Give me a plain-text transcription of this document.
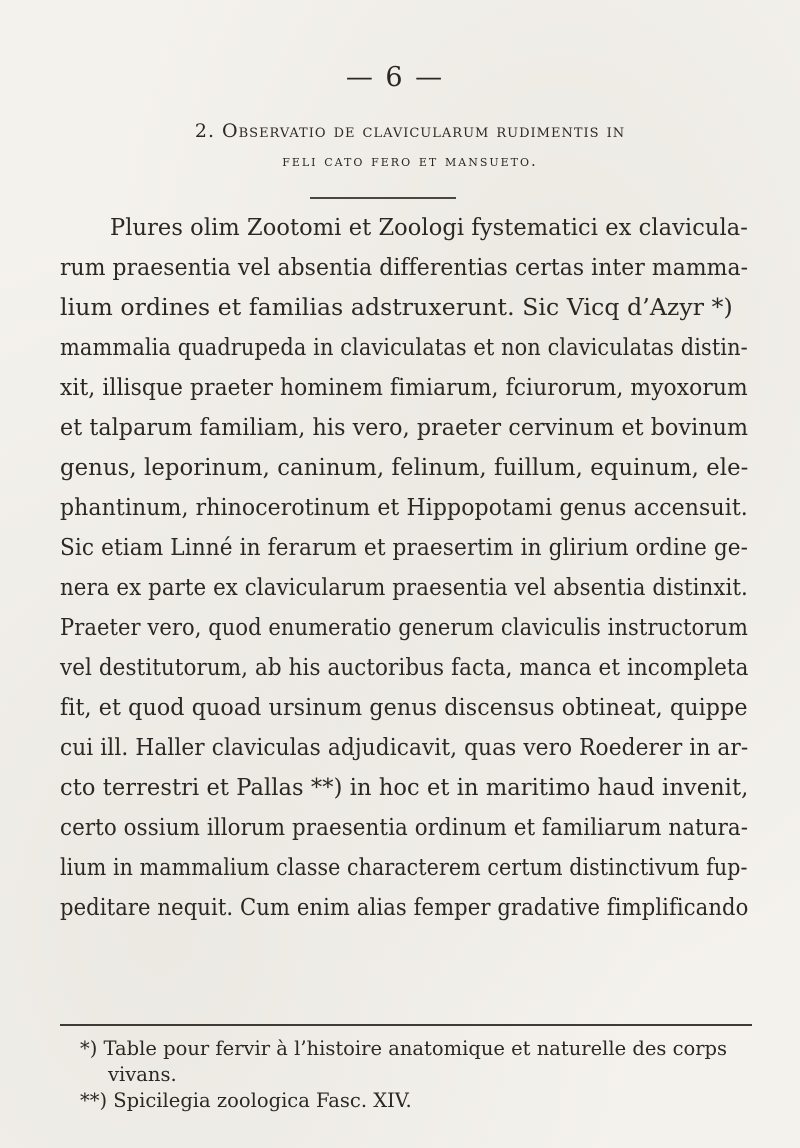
— 6 —
2. Observatio de clavicularum rudimentis in
feli cato fero et mansueto.
Plures olim Zootomi et Zoologi fystematici ex clavicula-
rum praesentia vel absentia differentias certas inter mamma-
lium ordines et familias adstruxerunt. Sic Vicq d’Azyr *)
mammalia quadrupeda in claviculatas et non claviculatas distin-
xit, illisque praeter hominem fimiarum, fciurorum, myoxorum
et talparum familiam, his vero, praeter cervinum et bovinum
genus, leporinum, caninum, felinum, fuillum, equinum, ele-
phantinum, rhinocerotinum et Hippopotami genus accensuit.
Sic etiam Linné in ferarum et praesertim in glirium ordine ge-
nera ex parte ex clavicularum praesentia vel absentia distinxit.
Praeter vero, quod enumeratio generum claviculis instructorum
vel destitutorum, ab his auctoribus facta, manca et incompleta
fit, et quod quoad ursinum genus discensus obtineat, quippe
cui ill. Haller claviculas adjudicavit, quas vero Roederer in ar-
cto terrestri et Pallas **) in hoc et in maritimo haud invenit,
certo ossium illorum praesentia ordinum et familiarum natura-
lium in mammalium classe characterem certum distinctivum fup-
peditare nequit. Cum enim alias femper gradative fimplificando
*) Table pour fervir à l’histoire anatomique et naturelle des corps
vivans.
**) Spicilegia zoologica Fasc. XIV.
